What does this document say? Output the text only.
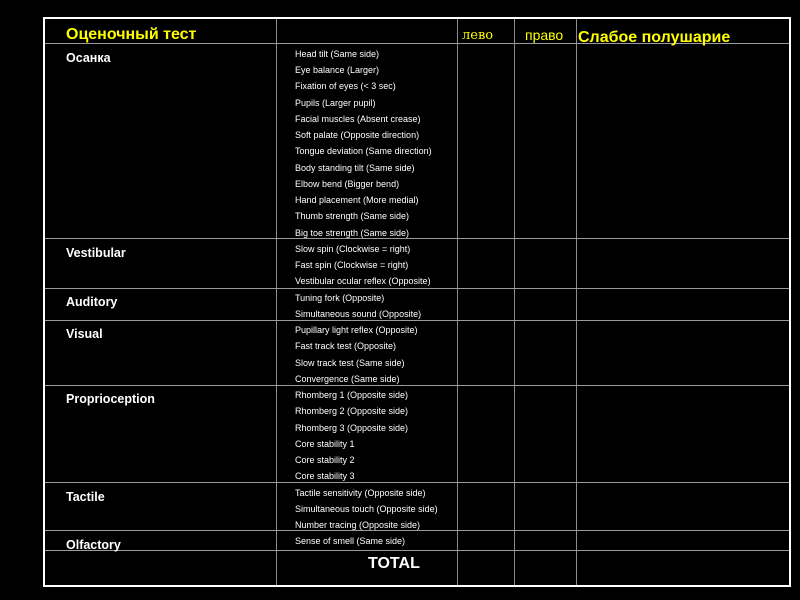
Оценочный тест	лево право Слабое полушарие
Осанка
Vestibular
Auditory
Visual
Proprioception
Tactile
Olfactory
Head tilt (Same side)
Eye balance (Larger)
Fixation of eyes (< 3 sec)
Pupils (Larger pupil)
Facial muscles (Absent crease)
Soft palate (Opposite direction)
Tongue deviation (Same direction)
Body standing tilt (Same side)
Elbow bend (Bigger bend)
Hand placement (More medial)
Thumb strength (Same side)
Big toe strength (Same side)
Slow spin (Clockwise = right)
Fast spin (Clockwise = right)
Vestibular ocular reflex (Opposite)
Tuning fork (Opposite)
Simultaneous sound (Opposite)
Pupillary light reflex (Opposite)
Fast track test (Opposite)
Slow track test (Same side)
Convergence (Same side)
Rhomberg 1 (Opposite side)
Rhomberg 2 (Opposite side)
Rhomberg 3 (Opposite side)
Core stability 1
Core stability 2
Core stability 3
Tactile sensitivity (Opposite side)
Simultaneous touch (Opposite side)
Number tracing (Opposite side)
Sense of smell (Same side)
TOTAL
